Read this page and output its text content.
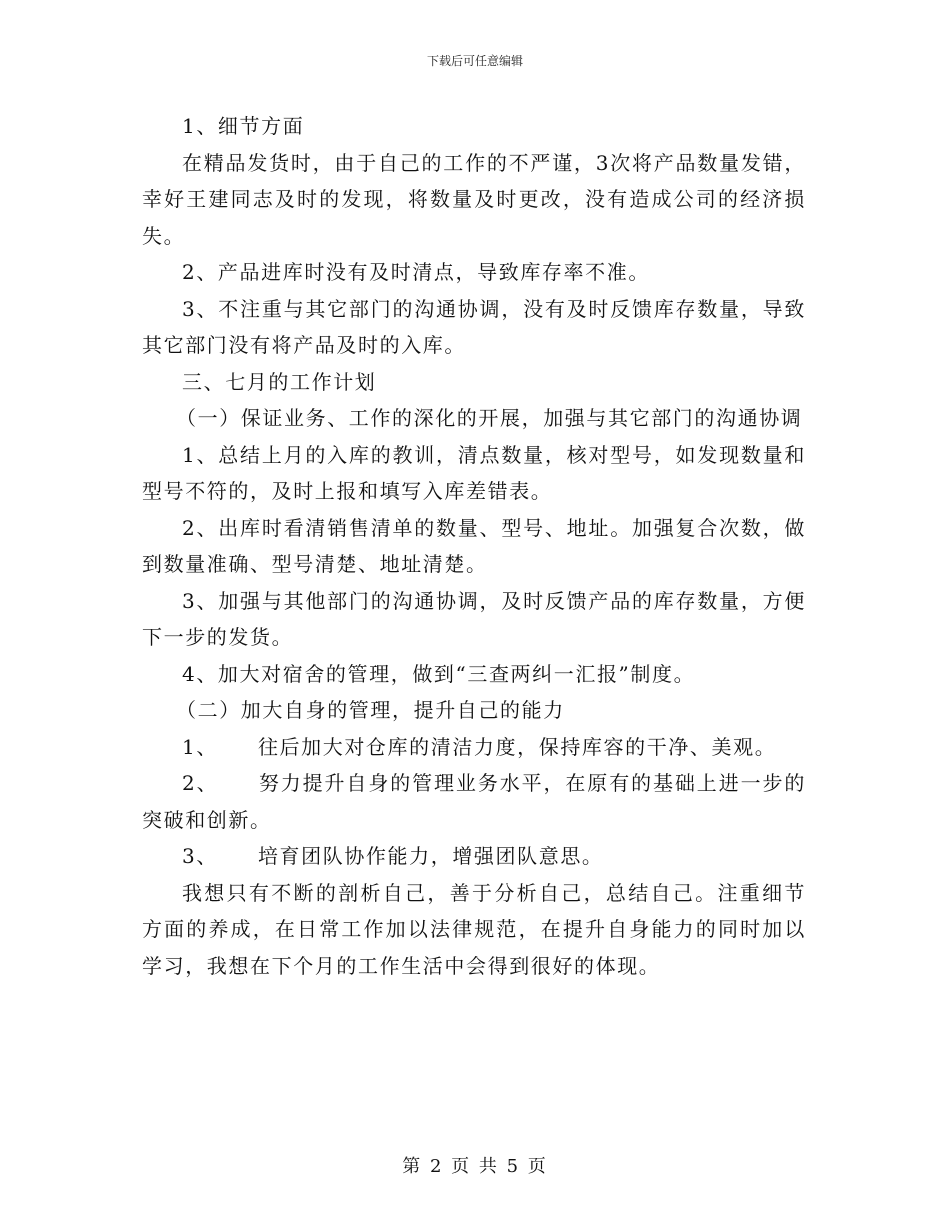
下载后可任意编辑

1、细节方面

在精品发货时，由于自己的工作的不严谨，3次将产品数量发错，幸好王建同志及时的发现，将数量及时更改，没有造成公司的经济损失。

2、产品进库时没有及时清点，导致库存率不准。

3、不注重与其它部门的沟通协调，没有及时反馈库存数量，导致其它部门没有将产品及时的入库。

三、七月的工作计划

（一）保证业务、工作的深化的开展，加强与其它部门的沟通协调

1、总结上月的入库的教训，清点数量，核对型号，如发现数量和型号不符的，及时上报和填写入库差错表。

2、出库时看清销售清单的数量、型号、地址。加强复合次数，做到数量准确、型号清楚、地址清楚。

3、加强与其他部门的沟通协调，及时反馈产品的库存数量，方便下一步的发货。

4、加大对宿舍的管理，做到“三查两纠一汇报”制度。

（二）加大自身的管理，提升自己的能力

1、 往后加大对仓库的清洁力度，保持库容的干净、美观。

2、 努力提升自身的管理业务水平，在原有的基础上进一步的突破和创新。

3、 培育团队协作能力，增强团队意思。

我想只有不断的剖析自己，善于分析自己，总结自己。注重细节方面的养成，在日常工作加以法律规范，在提升自身能力的同时加以学习，我想在下个月的工作生活中会得到很好的体现。

第 2 页 共 5 页
